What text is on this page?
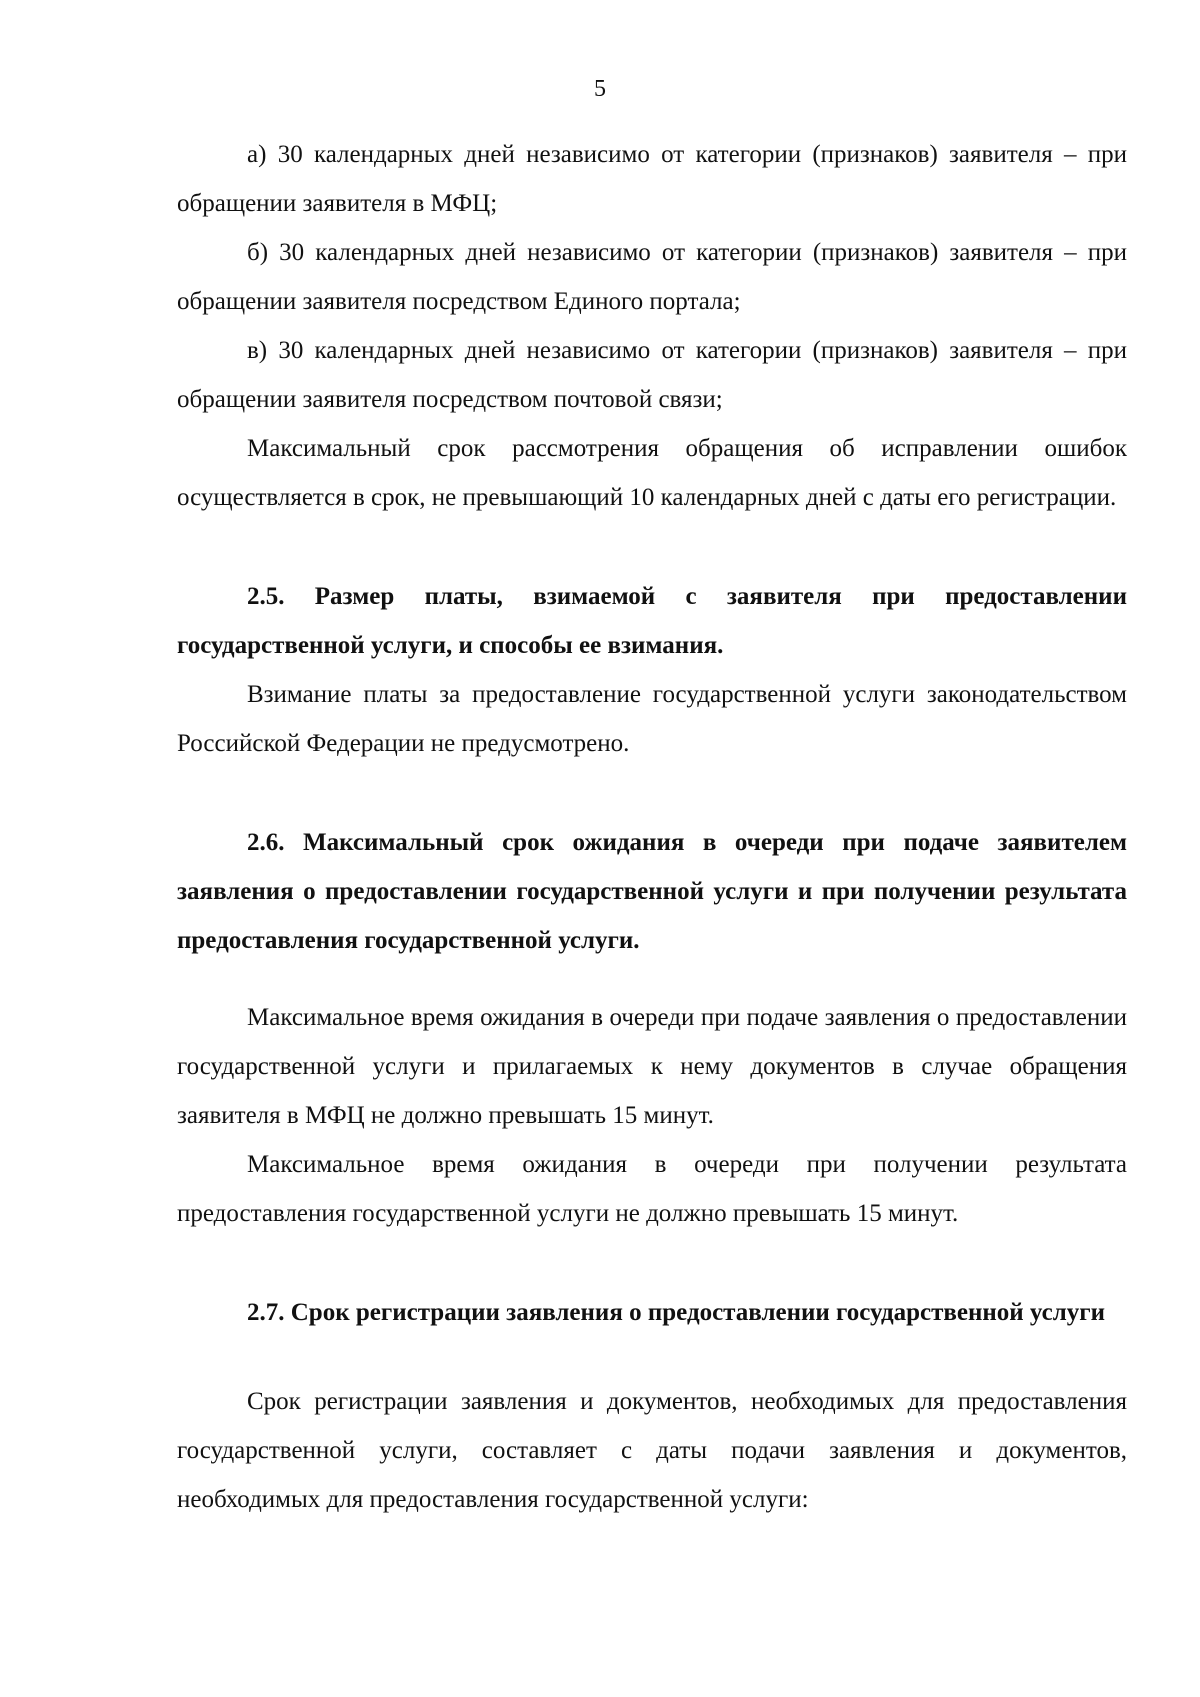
5

а) 30 календарных дней независимо от категории (признаков) заявителя – при обращении заявителя в МФЦ;

б) 30 календарных дней независимо от категории (признаков) заявителя – при обращении заявителя посредством Единого портала;

в) 30 календарных дней независимо от категории (признаков) заявителя – при обращении заявителя посредством почтовой связи;

Максимальный срок рассмотрения обращения об исправлении ошибок осуществляется в срок, не превышающий 10 календарных дней с даты его регистрации.

2.5. Размер платы, взимаемой с заявителя при предоставлении государственной услуги, и способы ее взимания.

Взимание платы за предоставление государственной услуги законодательством Российской Федерации не предусмотрено.

2.6. Максимальный срок ожидания в очереди при подаче заявителем заявления о предоставлении государственной услуги и при получении результата предоставления государственной услуги.

Максимальное время ожидания в очереди при подаче заявления о предоставлении государственной услуги и прилагаемых к нему документов в случае обращения заявителя в МФЦ не должно превышать 15 минут.

Максимальное время ожидания в очереди при получении результата предоставления государственной услуги не должно превышать 15 минут.

2.7. Срок регистрации заявления о предоставлении государственной услуги

Срок регистрации заявления и документов, необходимых для предоставления государственной услуги, составляет с даты подачи заявления и документов, необходимых для предоставления государственной услуги:
